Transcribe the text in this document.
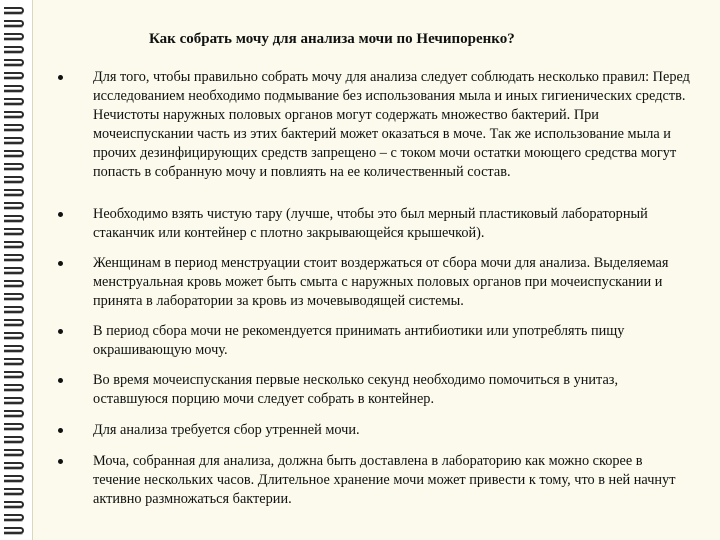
Как собрать мочу для анализа мочи по Нечипоренко?
Для того, чтобы правильно собрать мочу для анализа следует соблюдать несколько правил: Перед исследованием необходимо подмывание без использования мыла и иных гигиенических средств. Нечистоты наружных половых органов могут содержать множество бактерий. При мочеиспускании часть из этих бактерий может оказаться в моче. Так же использование мыла и прочих дезинфицирующих средств запрещено – с током мочи остатки моющего средства могут попасть в собранную мочу и повлиять на ее количественный состав.
Необходимо взять чистую тару (лучше, чтобы это был мерный пластиковый лабораторный стаканчик или контейнер с плотно закрывающейся крышечкой).
Женщинам в период менструации стоит воздержаться от сбора мочи для анализа. Выделяемая менструальная кровь может быть смыта с наружных половых органов при мочеиспускании и принята в лаборатории за кровь из мочевыводящей системы.
В период сбора мочи не рекомендуется принимать антибиотики или употреблять пищу окрашивающую мочу.
Во время мочеиспускания первые несколько секунд необходимо помочиться в унитаз, оставшуюся порцию мочи следует собрать в контейнер.
Для анализа требуется сбор утренней мочи.
Моча, собранная для анализа, должна быть доставлена в лабораторию как можно скорее в течение нескольких часов. Длительное хранение мочи может привести к тому, что в ней начнут активно размножаться бактерии.
